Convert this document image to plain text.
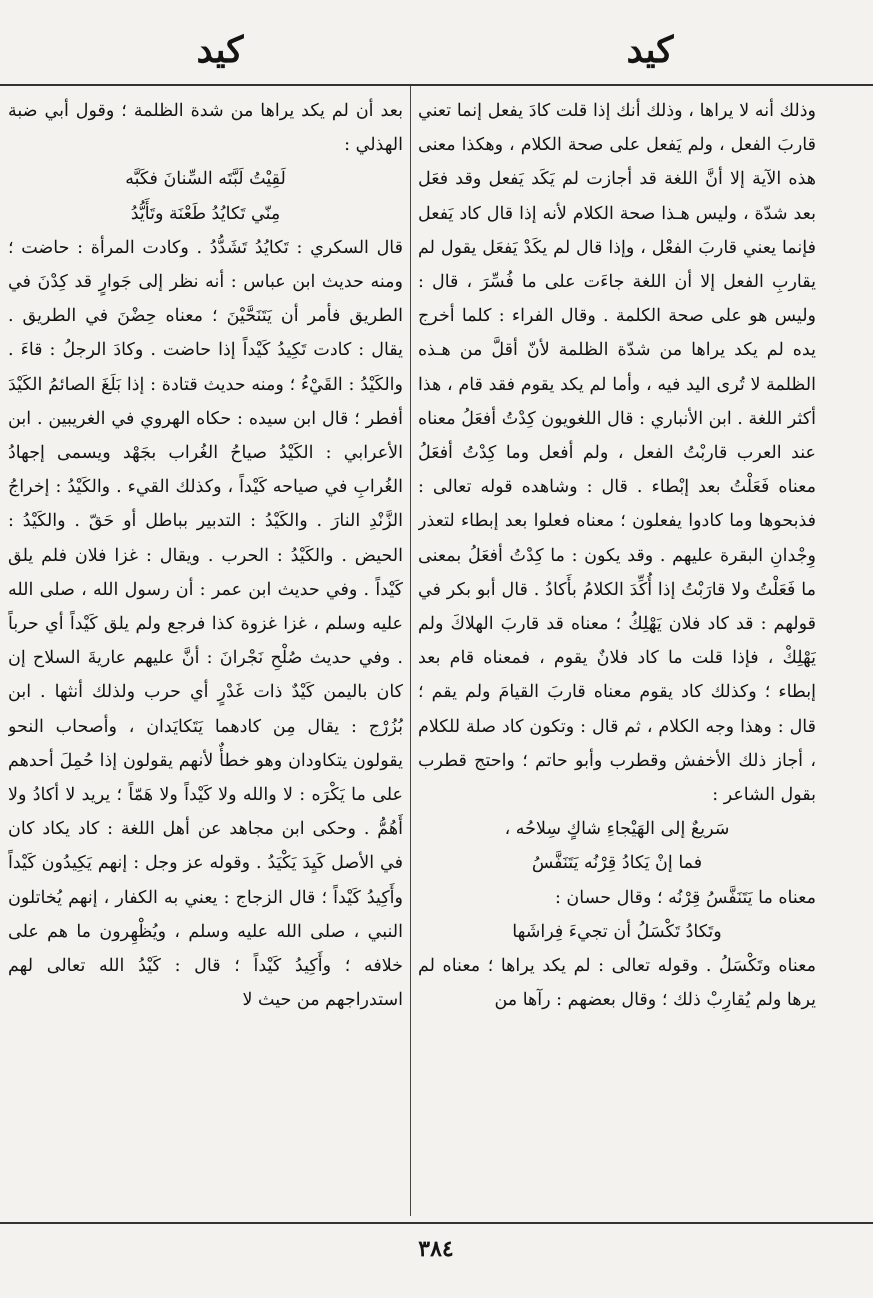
كيد
كيد

وذلك أنه لا يراها ، وذلك أنك إذا قلت كادَ يفعل إنما تعني قاربَ الفعل ، ولم يَفعل على صحة الكلام ، وهكذا معنى هذه الآية إلا أنَّ اللغة قد أجازت لم يَكَد يَفعل وقد فعَل بعد شدّة ، وليس هـذا صحة الكلام لأنه إذا قال كاد يَفعل فإنما يعني قاربَ الفعْل ، وإذا قال لم يكَدْ يَفعَل يقول لم يقاربِ الفعل إلا أن اللغة جاءَت على ما فُسِّرَ ، قال : وليس هو على صحة الكلمة . وقال الفراء : كلما أخرج يده لم يكد يراها من شدّة الظلمة لأنّ أقلَّ من هـذه الظلمة لا تُرى اليد فيه ، وأما لم يكد يقوم فقد قام ، هذا أكثر اللغة . ابن الأنباري : قال اللغويون كِدْتُ أفعَلُ معناه عند العرب قاربْتُ الفعل ، ولم أفعل وما كِدْتُ أفعَلُ معناه فَعَلْتُ بعد إبْطاء . قال : وشاهده قوله تعالى : فذبحوها وما كادوا يفعلون ؛ معناه فعلوا بعد إبطاء لتعذر وِجْدانِ البقرة عليهم . وقد يكون : ما كِدْتُ أفعَلُ بمعنى ما فَعَلْتُ ولا قارَبْتُ إذا أُكِّدَ الكلامُ بأَكادُ . قال أبو بكر في قولهم : قد كاد فلان يَهْلِكُ ؛ معناه قد قاربَ الهلاكَ ولم يَهْلِكْ ، فإذا قلت ما كاد فلانٌ يقوم ، فمعناه قام بعد إبطاء ؛ وكذلك كاد يقوم معناه قاربَ القيامَ ولم يقم ؛ قال : وهذا وجه الكلام ، ثم قال : وتكون كاد صلة للكلام ، أجاز ذلك الأخفش وقطرب وأبو حاتم ؛ واحتج قطرب بقول الشاعر :

سَريعٌ إلى الهَيْجاءِ شاكٍ سِلاحُه ،

فما إنْ يَكادُ قِرْنُه يَتَنَفَّسُ

معناه ما يَتَنَفَّسُ قِرْنُه ؛ وقال حسان :

وتَكادُ تَكْسَلُ أن تجيءَ فِراشَها

معناه وتَكْسَلُ . وقوله تعالى : لم يكد يراها ؛ معناه لم يرها ولم يُقارِبْ ذلك ؛ وقال بعضهم : رآها من

بعد أن لم يكد يراها من شدة الظلمة ؛ وقول أبي ضبة الهذلي :

لَقِيْتُ لَبَّتَه السِّنانَ فكَبَّه

مِنّي تَكايُدُ طَعْنَة وتَأَيُّدُ

قال السكري : تَكايُدُ تَشَدُّدُ . وكادت المرأة : حاضت ؛ ومنه حديث ابن عباس : أنه نظر إلى جَوارٍ قد كِدْنَ في الطريق فأمر أن يَتَنَحَّيْنَ ؛ معناه حِضْنَ في الطريق . يقال : كادت تَكِيدُ كَيْداً إذا حاضت . وكادَ الرجلُ : قاءَ . والكَيْدُ : القَيْءُ ؛ ومنه حديث قتادة : إذا بَلَغَ الصائمُ الكَيْدَ أفطر ؛ قال ابن سيده : حكاه الهروي في الغريبين . ابن الأعرابي : الكَيْدُ صياحُ الغُراب بجَهْد ويسمى إجهادُ الغُرابِ في صياحه كَيْداً ، وكذلك القيء . والكَيْدُ : إخراجُ الزَّنْدِ النارَ . والكَيْدُ : التدبير بباطل أو حَقّ . والكَيْدُ : الحيض . والكَيْدُ : الحرب . ويقال : غزا فلان فلم يلق كَيْداً . وفي حديث ابن عمر : أن رسول الله ، صلى الله عليه وسلم ، غزا غزوة كذا فرجع ولم يلق كَيْداً أي حرباً . وفي حديث صُلْحِ نَجْرانَ : أنَّ عليهم عاريةَ السلاح إن كان باليمن كَيْدٌ ذات غَدْرٍ أي حرب ولذلك أنثها . ابن بُزُرْج : يقال مِن كادهما يَتَكايَدان ، وأصحاب النحو يقولون يتكاودان وهو خطأٌ لأنهم يقولون إذا حُمِلَ أحدهم على ما يَكْرَه : لا والله ولا كَيْداً ولا هَمّاً ؛ يريد لا أكادُ ولا أَهُمُّ . وحكى ابن مجاهد عن أهل اللغة : كاد يكاد كان في الأصل كَيِدَ يَكْيَدُ . وقوله عز وجل : إنهم يَكِيدُون كَيْداً وأَكِيدُ كَيْداً ؛ قال الزجاج : يعني به الكفار ، إنهم يُخاتلون النبي ، صلى الله عليه وسلم ، ويُظْهِرون ما هم على خلافه ؛ وأَكِيدُ كَيْداً ؛ قال : كَيْدُ الله تعالى لهم استدراجهم من حيث لا

٣٨٤
